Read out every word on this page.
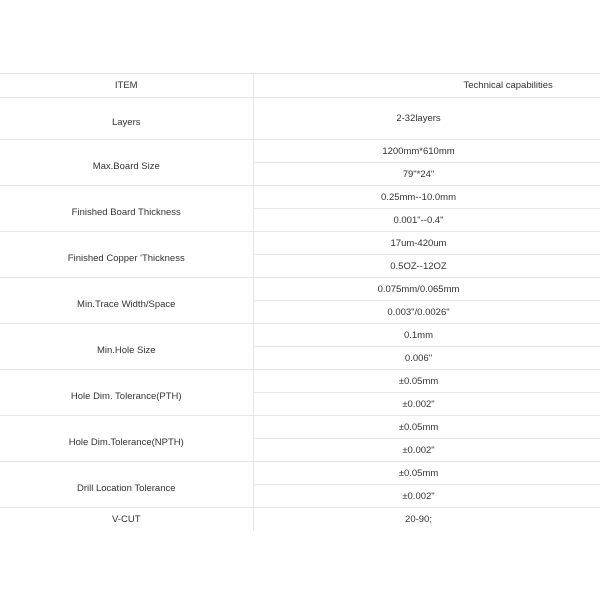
ITEM	Technical capabilities
Layers	2-32layers
Max.Board Size	1200mm*610mm
	79"*24"
Finished Board Thickness	0.25mm--10.0mm
	0.001"--0.4"
Finished Copper 'Thickness	17um-420um
	0.5OZ--12OZ
Min.Trace Width/Space	0.075mm/0.065mm
	0.003"/0.0026"
Min.Hole Size	0.1mm
	0.006"
Hole Dim. Tolerance(PTH)	±0.05mm
	±0.002"
Hole Dim.Tolerance(NPTH)	±0.05mm
	±0.002"
Drill Location Tolerance	±0.05mm
	±0.002"
V-CUT	20-90;
